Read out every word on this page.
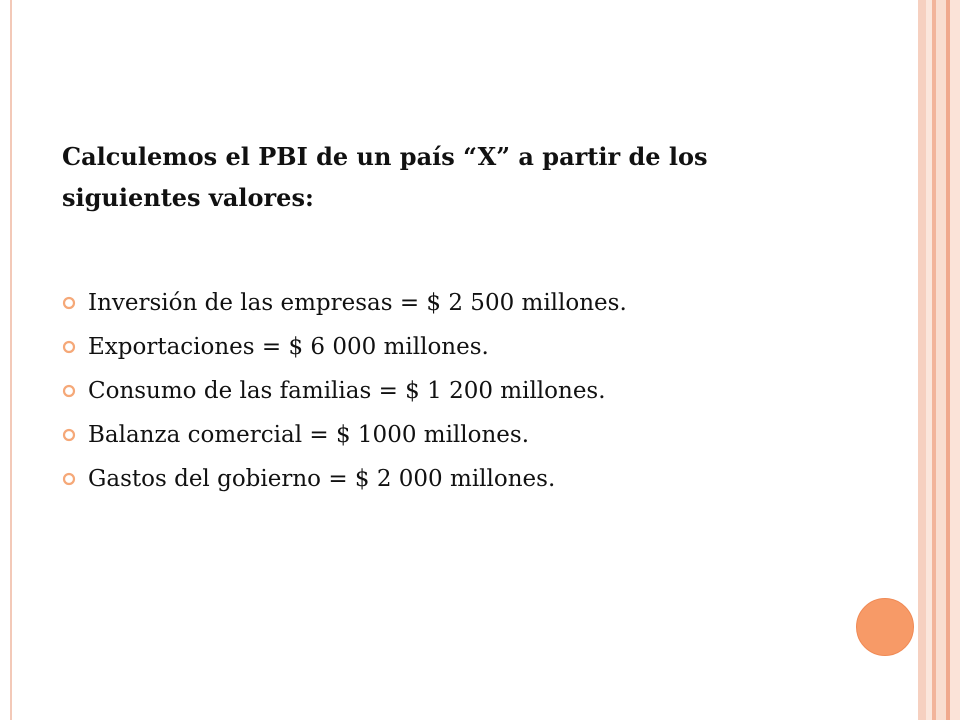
Calculemos el PBI de un país “X” a partir de los
siguientes valores:
Inversión de las empresas = $ 2 500 millones.
Exportaciones = $ 6 000 millones.
Consumo de las familias = $ 1 200 millones.
Balanza comercial = $ 1000 millones.
Gastos del gobierno = $ 2 000 millones.
